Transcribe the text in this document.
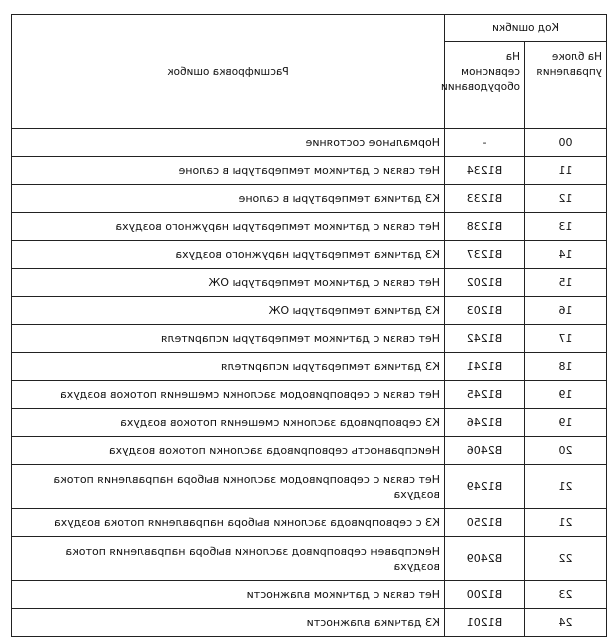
Код ошибки		Расшифровка ошибок
На блоке управления	На сервисном оборудовании	
00	-	Нормальное состояние
11	B1234	Нет связи с датчиком температуры в салоне
12	B1233	КЗ датчика температуры в салоне
13	B1238	Нет связи с датчиком температуры наружного воздуха
14	B1237	КЗ датчика температуры наружного воздуха
15	B1202	Нет связи с датчиком температуры ОЖ
16	B1203	КЗ датчика температуры ОЖ
17	B1242	Нет связи с датчиком температуры испарителя
18	B1241	КЗ датчика температуры испарителя
19	B1245	Нет связи с сервоприводом заслонки смешения потоков воздуха
19	B1246	КЗ сервопривода заслонки смешения потоков воздуха
20	B2406	Неисправность сервопривода заслонки потоков воздуха
21	B1249	Нет связи с сервоприводом заслонки выбора направления потока воздуха
21	B1250	КЗ с сервопривода заслонки выбора направления потока воздуха
22	B2409	Неисправен сервопривод заслонки выбора направления потока воздуха
23	B1200	Нет связи с датчиком влажности
24	B1201	КЗ датчика влажности
